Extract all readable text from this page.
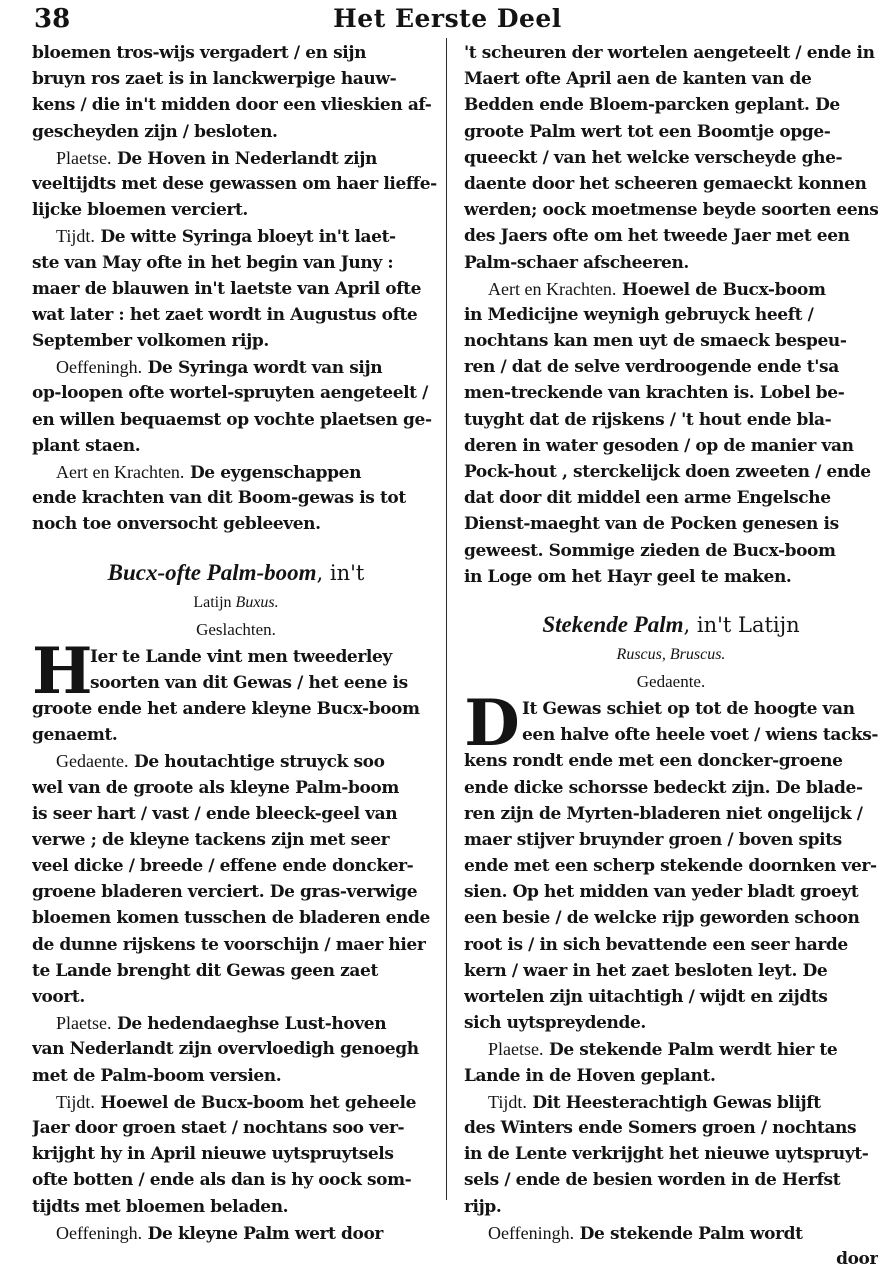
38	Het Eerste Deel
bloemen tros-wijs vergadert / en sijn
bruyn ros zaet is in lanckwerpige hauw-
kens / die in't midden door een vlieskien af-
gescheyden zijn / besloten.
Plaetse. De Hoven in Nederlandt zijn
veeltijdts met dese gewassen om haer lieffe-
lijcke bloemen verciert.
Tijdt. De witte Syringa bloeyt in't laet-
ste van May ofte in het begin van Juny :
maer de blauwen in't laetste van April ofte
wat later : het zaet wordt in Augustus ofte
September volkomen rijp.
Oeffeningh. De Syringa wordt van sijn
op-loopen ofte wortel-spruyten aengeteelt /
en willen bequaemst op vochte plaetsen ge-
plant staen.
Aert en Krachten. De eygenschappen
ende krachten van dit Boom-gewas is tot
noch toe onversocht gebleeven.
Bucx-ofte Palm-boom, in't
Latijn Buxus.
Geslachten.
H
Ier te Lande vint men tweederley
soorten van dit Gewas / het eene is
groote ende het andere kleyne Bucx-boom
genaemt.
Gedaente. De houtachtige struyck soo
wel van de groote als kleyne Palm-boom
is seer hart / vast / ende bleeck-geel van
verwe ; de kleyne tackens zijn met seer
veel dicke / breede / effene ende doncker-
groene bladeren verciert. De gras-verwige
bloemen komen tusschen de bladeren ende
de dunne rijskens te voorschijn / maer hier
te Lande brenght dit Gewas geen zaet
voort.
Plaetse. De hedendaeghse Lust-hoven
van Nederlandt zijn overvloedigh genoegh
met de Palm-boom versien.
Tijdt. Hoewel de Bucx-boom het geheele
Jaer door groen staet / nochtans soo ver-
krijght hy in April nieuwe uytspruytsels
ofte botten / ende als dan is hy oock som-
tijdts met bloemen beladen.
Oeffeningh. De kleyne Palm wert door
't scheuren der wortelen aengeteelt / ende in
Maert ofte April aen de kanten van de
Bedden ende Bloem-parcken geplant. De
groote Palm wert tot een Boomtje opge-
queeckt / van het welcke verscheyde ghe-
daente door het scheeren gemaeckt konnen
werden; oock moetmense beyde soorten eens
des Jaers ofte om het tweede Jaer met een
Palm-schaer afscheeren.
Aert en Krachten. Hoewel de Bucx-boom
in Medicijne weynigh gebruyck heeft /
nochtans kan men uyt de smaeck bespeu-
ren / dat de selve verdroogende ende t'sa
men-treckende van krachten is. Lobel be-
tuyght dat de rijskens / 't hout ende bla-
deren in water gesoden / op de manier van
Pock-hout , sterckelijck doen zweeten / ende
dat door dit middel een arme Engelsche
Dienst-maeght van de Pocken genesen is
geweest. Sommige zieden de Bucx-boom
in Loge om het Hayr geel te maken.
Stekende Palm, in't Latijn
Ruscus, Bruscus.
Gedaente.
D It Gewas schiet op tot de hoogte van
een halve ofte heele voet / wiens tacks-
kens rondt ende met een doncker-groene
ende dicke schorsse bedeckt zijn. De blade-
ren zijn de Myrten-bladeren niet ongelijck /
maer stijver bruynder groen / boven spits
ende met een scherp stekende doornken ver-
sien. Op het midden van yeder bladt groeyt
een besie / de welcke rijp geworden schoon
root is / in sich bevattende een seer harde
kern / waer in het zaet besloten leyt. De
wortelen zijn uitachtigh / wijdt en zijdts
sich uytspreydende.
Plaetse. De stekende Palm werdt hier te
Lande in de Hoven geplant.
Tijdt. Dit Heesterachtigh Gewas blijft
des Winters ende Somers groen / nochtans
in de Lente verkrijght het nieuwe uytspruyt-
sels / ende de besien worden in de Herfst
rijp.
Oeffeningh. De stekende Palm wordt
door
